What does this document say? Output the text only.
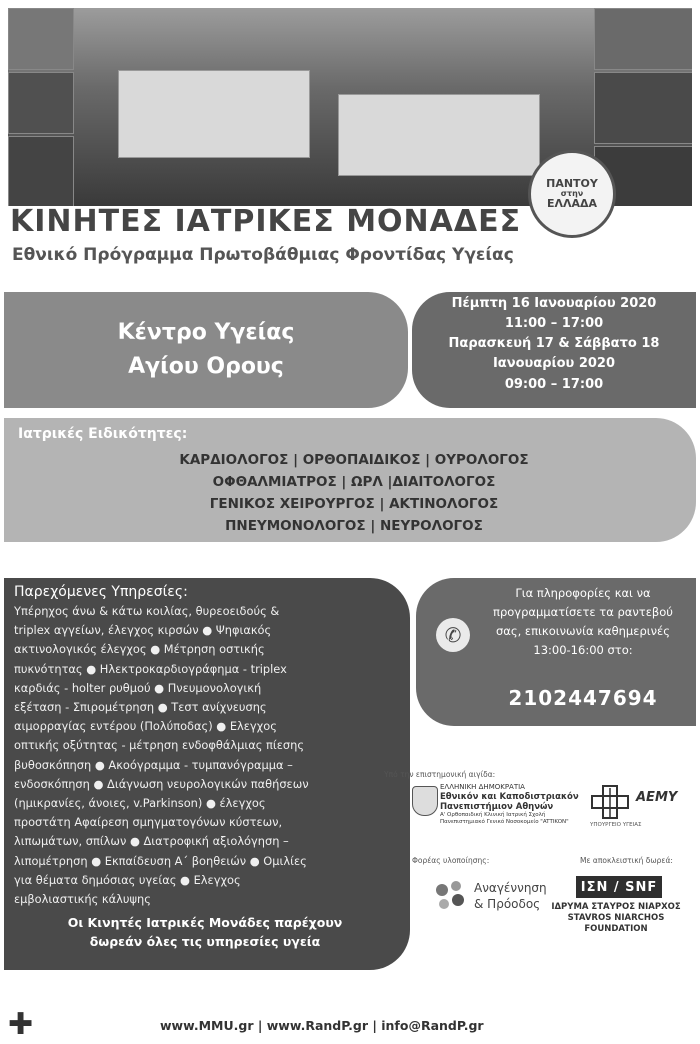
ΠΑΝΤΟΥ
στην
ΕΛΛΑΔΑ
ΚΙΝΗΤΕΣ ΙΑΤΡΙΚΕΣ ΜΟΝΑΔΕΣ
Εθνικό Πρόγραμμα Πρωτοβάθμιας Φροντίδας Υγείας
Κέντρο Υγείας
Αγίου Ορους
Πέμπτη 16 Ιανουαρίου 2020
11:00 – 17:00
Παρασκευή 17 & Σάββατο 18
Ιανουαρίου 2020
09:00 – 17:00
Ιατρικές Ειδικότητες:
ΚΑΡΔΙΟΛΟΓΟΣ | ΟΡΘΟΠΑΙΔΙΚΟΣ | ΟΥΡΟΛΟΓΟΣ
ΟΦΘΑΛΜΙΑΤΡΟΣ | ΩΡΛ |ΔΙΑΙΤΟΛΟΓΟΣ
ΓΕΝΙΚΟΣ ΧΕΙΡΟΥΡΓΟΣ | ΑΚΤΙΝΟΛΟΓΟΣ
ΠΝΕΥΜΟΝΟΛΟΓΟΣ | ΝΕΥΡΟΛΟΓΟΣ
Παρεχόμενες Υπηρεσίες:
Υπέρηχος άνω & κάτω κοιλίας, θυρεοειδούς &
triplex αγγείων, έλεγχος κιρσών ● Ψηφιακός
ακτινολογικός έλεγχος ● Μέτρηση οστικής
πυκνότητας ● Ηλεκτροκαρδιογράφημα - triplex
καρδιάς - holter ρυθμού ● Πνευμονολογική
εξέταση - Σπιρομέτρηση ● Τεστ ανίχνευσης
αιμορραγίας εντέρου (Πολύποδας) ● Ελεγχος
οπτικής οξύτητας - μέτρηση ενδοφθάλμιας πίεσης
βυθοσκόπηση ● Ακοόγραμμα - τυμπανόγραμμα –
ενδοσκόπηση ● Διάγνωση νευρολογικών παθήσεων
(ημικρανίες, άνοιες, v.Parkinson) ● έλεγχος
προστάτη Αφαίρεση σμηγματογόνων κύστεων,
λιπωμάτων, σπίλων ● Διατροφική αξιολόγηση –
λιπομέτρηση ● Εκπαίδευση Α΄ βοηθειών ● Ομιλίες
για θέματα δημόσιας υγείας ● Ελεγχος
εμβολιαστικής κάλυψης
Οι Κινητές Ιατρικές Μονάδες παρέχουν
δωρεάν όλες τις υπηρεσίες υγεία
✆
Για πληροφορίες και να
προγραμματίσετε τα ραντεβού
σας, επικοινωνία καθημερινές
13:00-16:00 στο:
2102447694
Υπό την επιστημονική αιγίδα:
ΕΛΛΗΝΙΚΗ ΔΗΜΟΚΡΑΤΙΑ
Εθνικόν και Καποδιστριακόν
Πανεπιστήμιον Αθηνών
Α' Ορθοπαιδική Κλινική Ιατρική Σχολή
Πανεπιστημιακό Γενικό Νοσοκομείο "ATTIKON"
AEMY
ΥΠΟΥΡΓΕΙΟ ΥΓΕΙΑΣ
Φορέας υλοποίησης:	Με αποκλειστική δωρεά:
Αναγέννηση
& Πρόοδος
ΙΣΝ / SNF
ΙΔΡΥΜΑ ΣΤΑΥΡΟΣ ΝΙΑΡΧΟΣ
STAVROS NIARCHOS
FOUNDATION
✚	www.MMU.gr | www.RandP.gr | info@RandP.gr
